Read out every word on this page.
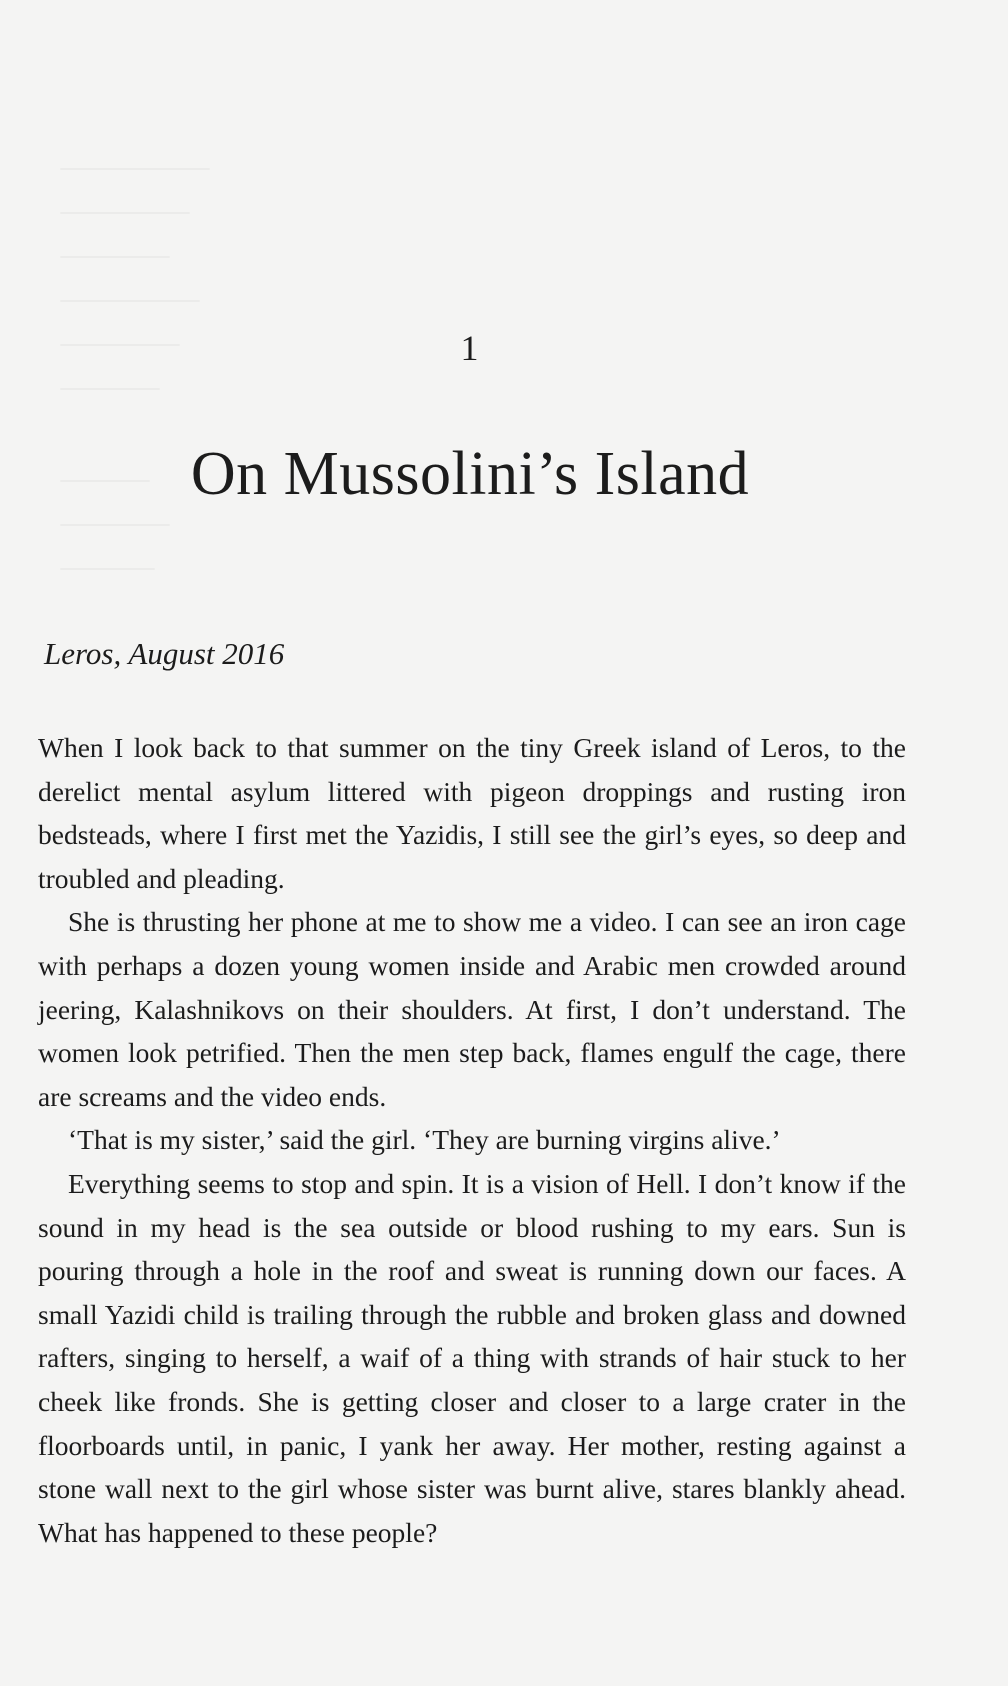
1
On Mussolini’s Island
Leros, August 2016

When I look back to that summer on the tiny Greek island of Leros, to the derelict mental asylum littered with pigeon droppings and rusting iron bedsteads, where I first met the Yazidis, I still see the girl’s eyes, so deep and troubled and pleading.

She is thrusting her phone at me to show me a video. I can see an iron cage with perhaps a dozen young women inside and Arabic men crowded around jeering, Kalashnikovs on their shoulders. At first, I don’t understand. The women look petrified. Then the men step back, flames engulf the cage, there are screams and the video ends.

‘That is my sister,’ said the girl. ‘They are burning virgins alive.’

Everything seems to stop and spin. It is a vision of Hell. I don’t know if the sound in my head is the sea outside or blood rushing to my ears. Sun is pouring through a hole in the roof and sweat is running down our faces. A small Yazidi child is trailing through the rubble and broken glass and downed rafters, singing to herself, a waif of a thing with strands of hair stuck to her cheek like fronds. She is getting closer and closer to a large crater in the floorboards until, in panic, I yank her away. Her mother, resting against a stone wall next to the girl whose sister was burnt alive, stares blankly ahead. What has happened to these people?
